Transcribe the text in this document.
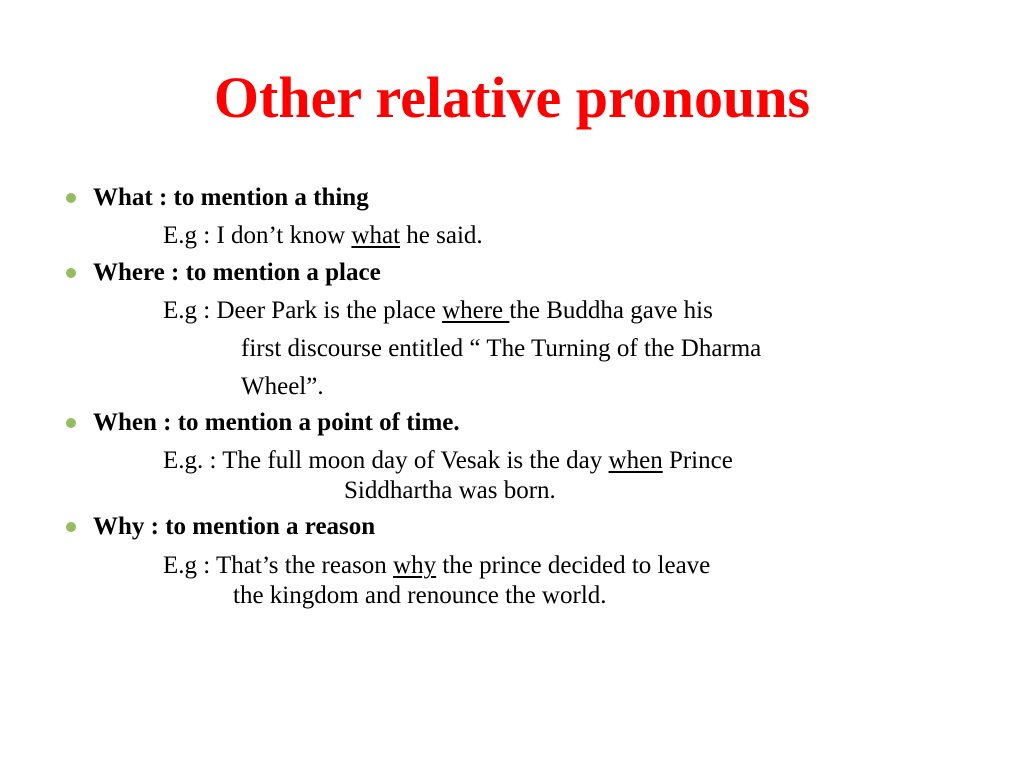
Other relative pronouns
What : to mention a thing
E.g : I don’t know what he said.
Where : to mention a place
E.g : Deer Park is the place where the Buddha gave his
first discourse entitled “ The Turning of the Dharma
Wheel”.
When : to mention a point of time.
E.g. : The full moon day of Vesak is the day when Prince
Siddhartha was born.
Why : to mention a reason
E.g : That’s the reason why the prince decided to leave
the kingdom and renounce the world.
